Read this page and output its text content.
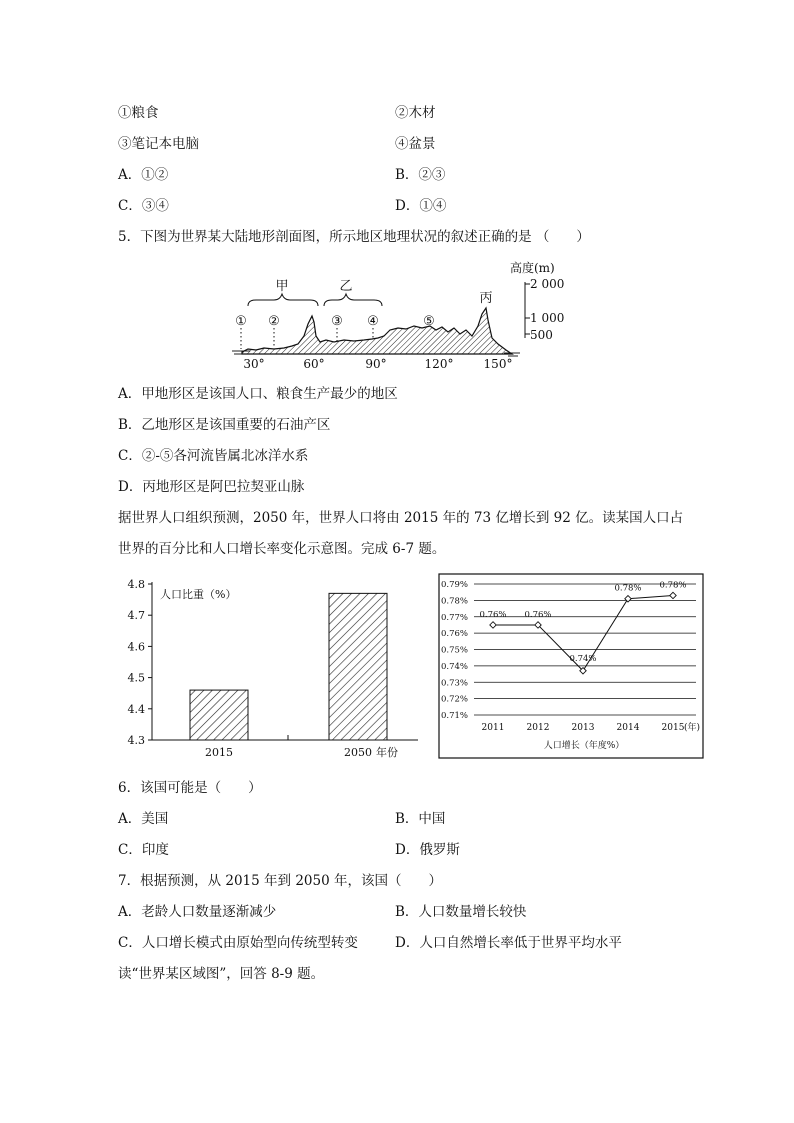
①粮食	②木材
③笔记本电脑	④盆景
A．①②	B．②③
C．③④	D．①④
5．下图为世界某大陆地形剖面图，所示地区地理状况的叙述正确的是 （　　）
甲	乙
丙
① ②	③ ④	⑤
30°	60°	90°	120°	150°
高度(m)
2 000
1 000
500
A．甲地形区是该国人口、粮食生产最少的地区
B．乙地形区是该国重要的石油产区
C．②-⑤各河流皆属北冰洋水系
D．丙地形区是阿巴拉契亚山脉
据世界人口组织预测，2050 年，世界人口将由 2015 年的 73 亿增长到 92 亿。读某国人口占
世界的百分比和人口增长率变化示意图。完成 6-7 题。
人口比重（%）
4.8
4.7
4.6
4.5
4.4
4.3
2015	2050 年份
0.79%
0.78%
0.77%
0.76%
0.75%
0.74%
0.73%
0.72%
0.71%
2011 2012 2013 2014 2015
0.76% 0.76%
0.74%
0.78% 0.78%
(年)
人口增长（年度%）
6．该国可能是（　　）
A．美国	B．中国
C．印度	D．俄罗斯
7．根据预测，从 2015 年到 2050 年，该国（　　）
A．老龄人口数量逐渐减少	B．人口数量增长较快
C．人口增长模式由原始型向传统型转变	D．人口自然增长率低于世界平均水平
读“世界某区域图”，回答 8-9 题。
